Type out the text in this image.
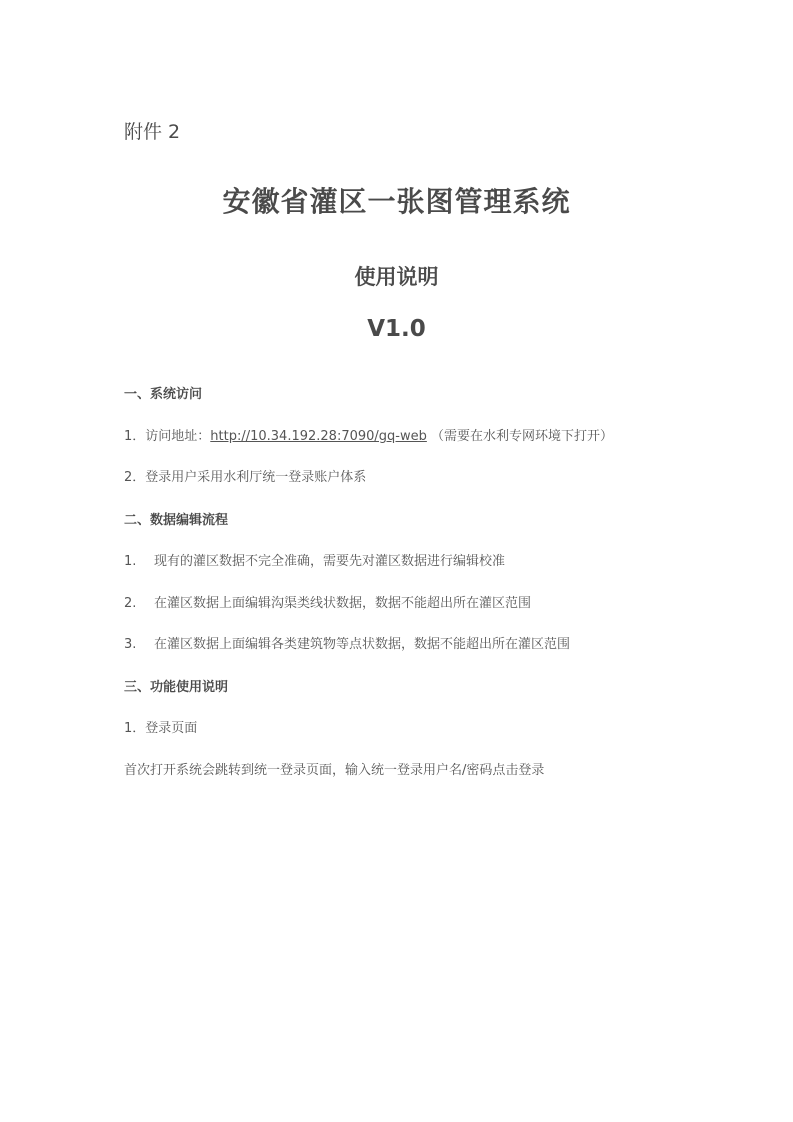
附件 2
安徽省灌区一张图管理系统
使用说明
V1.0
一、系统访问
1．访问地址：http://10.34.192.28:7090/gq-web （需要在水利专网环境下打开）
2．登录用户采用水利厅统一登录账户体系
二、数据编辑流程
1. 现有的灌区数据不完全准确，需要先对灌区数据进行编辑校准
2. 在灌区数据上面编辑沟渠类线状数据，数据不能超出所在灌区范围
3. 在灌区数据上面编辑各类建筑物等点状数据，数据不能超出所在灌区范围
三、功能使用说明
1．登录页面
首次打开系统会跳转到统一登录页面，输入统一登录用户名/密码点击登录
